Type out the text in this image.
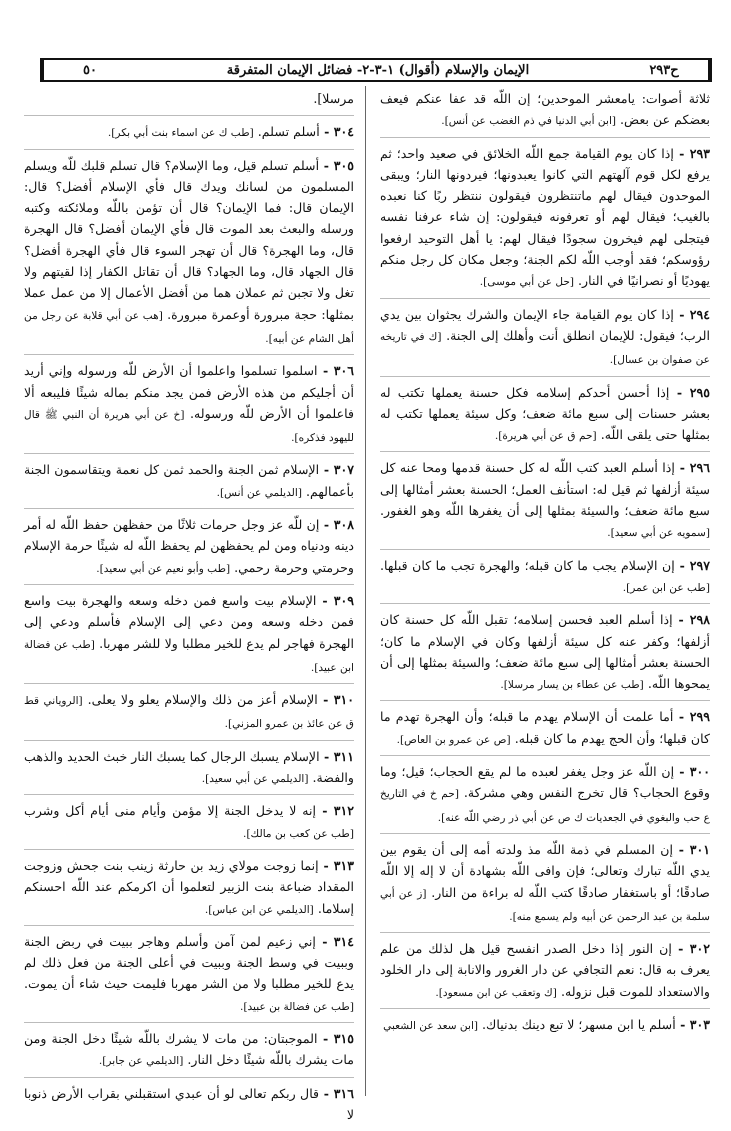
ح٢٩٣
الإيمان والإسلام (أقوال) ١-٣-٢- فضائل الإيمان المتفرقة
٥٠

ثلاثة أصوات: يامعشر الموحدين؛ إن اللّه قد عفا عنكم فيعف بعضكم عن بعض. [ابن أبي الدنيا في ذم الغضب عن أنس].

٢٩٣ - إذا كان يوم القيامة جمع اللّه الخلائق في صعيد واحد؛ ثم يرفع لكل قوم آلهتهم التي كانوا يعبدونها؛ فيردونها النار؛ ويبقى الموحدون فيقال لهم ماتنتظرون فيقولون ننتظر ربًا كنا نعبده بالغيب؛ فيقال لهم أو تعرفونه فيقولون: إن شاء عرفنا نفسه فيتجلى لهم فيخرون سجودًا فيقال لهم: يا أهل التوحيد ارفعوا رؤوسكم؛ فقد أوجب اللّه لكم الجنة؛ وجعل مكان كل رجل منكم يهوديًا أو نصرانيًا في النار. [حل عن أبي موسى].

٢٩٤ - إذا كان يوم القيامة جاء الإيمان والشرك يجثوان بين يدي الرب؛ فيقول: للإيمان انطلق أنت وأهلك إلى الجنة. [ك في تاريخه عن صفوان بن عسال].

٢٩٥ - إذا أحسن أحدكم إسلامه فكل حسنة يعملها تكتب له بعشر حسنات إلى سبع مائة ضعف؛ وكل سيئة يعملها تكتب له بمثلها حتى يلقى اللّه. [حم ق عن أبي هريرة].

٢٩٦ - إذا أسلم العبد كتب اللّه له كل حسنة قدمها ومحا عنه كل سيئة أزلفها ثم قيل له: استأنف العمل؛ الحسنة بعشر أمثالها إلى سبع مائة ضعف؛ والسيئة بمثلها إلى أن يغفرها اللّه وهو الغفور. [سمويه عن أبي سعيد].

٢٩٧ - إن الإسلام يجب ما كان قبله؛ والهجرة تجب ما كان قبلها. [طب عن ابن عمر].

٢٩٨ - إذا أسلم العبد فحسن إسلامه؛ تقبل اللّه كل حسنة كان أزلفها؛ وكفر عنه كل سيئة أزلفها وكان في الإسلام ما كان؛ الحسنة بعشر أمثالها إلى سبع مائة ضعف؛ والسيئة بمثلها إلى أن يمحوها اللّه. [طب عن عطاء بن يسار مرسلا].

٢٩٩ - أما علمت أن الإسلام يهدم ما قبله؛ وأن الهجرة تهدم ما كان قبلها؛ وأن الحج يهدم ما كان قبله. [ص عن عمرو بن العاص].

٣٠٠ - إن اللّه عز وجل يغفر لعبده ما لم يقع الحجاب؛ قيل؛ وما وقوع الحجاب؟ قال تخرج النفس وهي مشركة. [حم خ في التاريخ ع حب والبغوي في الجعديات ك ص عن أبي ذر رضي اللّه عنه].

٣٠١ - إن المسلم في ذمة اللّه مذ ولدته أمه إلى أن يقوم بين يدي اللّه تبارك وتعالى؛ فإن وافى اللّه بشهادة أن لا إله إلا اللّه صادقًا؛ أو باستغفار صادقًا كتب اللّه له براءة من النار. [ز عن أبي سلمة بن عبد الرحمن عن أبيه ولم يسمع منه].

٣٠٢ - إن النور إذا دخل الصدر انفسح قيل هل لذلك من علم يعرف به قال: نعم التجافي عن دار الغرور والانابة إلى دار الخلود والاستعداد للموت قبل نزوله. [ك وتعقب عن ابن مسعود].

٣٠٣ - أسلم يا ابن مسهر؛ لا تبع دينك بدنياك. [ابن سعد عن الشعبي

مرسلا].

٣٠٤ - أسلم تسلم. [طب ك عن اسماء بنت أبي بكر].

٣٠٥ - أسلم تسلم قيل، وما الإسلام؟ قال تسلم قلبك للّه ويسلم المسلمون من لسانك ويدك قال فأي الإسلام أفضل؟ قال: الإيمان قال: فما الإيمان؟ قال أن تؤمن باللّه وملائكته وكتبه ورسله والبعث بعد الموت قال فأي الإيمان أفضل؟ قال الهجرة قال، وما الهجرة؟ قال أن تهجر السوء قال فأي الهجرة أفضل؟ قال الجهاد قال، وما الجهاد؟ قال أن تقاتل الكفار إذا لقيتهم ولا تغل ولا تجبن ثم عملان هما من أفضل الأعمال إلا من عمل عملا بمثلها: حجة مبرورة أوعمرة مبرورة. [هب عن أبي قلابة عن رجل من أهل الشام عن أبيه].

٣٠٦ - اسلموا تسلموا واعلموا أن الأرض للّه ورسوله وإني أريد أن أجليكم من هذه الأرض فمن يجد منكم بماله شيئًا فليبعه ألا فاعلموا أن الأرض للّه ورسوله. [خ عن أبي هريرة أن النبي ﷺ قال لليهود فذكره].

٣٠٧ - الإسلام ثمن الجنة والحمد ثمن كل نعمة ويتقاسمون الجنة بأعمالهم. [الديلمي عن أنس].

٣٠٨ - إن للّه عز وجل حرمات ثلاثًا من حفظهن حفظ اللّه له أمر دينه ودنياه ومن لم يحفظهن لم يحفظ اللّه له شيئًا حرمة الإسلام وحرمتي وحرمة رحمي. [طب وأبو نعيم عن أبي سعيد].

٣٠٩ - الإسلام بيت واسع فمن دخله وسعه والهجرة بيت واسع فمن دخله وسعه ومن دعي إلى الإسلام فأسلم ودعي إلى الهجرة فهاجر لم يدع للخير مطلبا ولا للشر مهربا. [طب عن فضالة ابن عبيد].

٣١٠ - الإسلام أعز من ذلك والإسلام يعلو ولا يعلى. [الروياني قط ق عن عائذ بن عمرو المزني].

٣١١ - الإسلام يسبك الرجال كما يسبك النار خبث الحديد والذهب والفضة. [الديلمي عن أبي سعيد].

٣١٢ - إنه لا يدخل الجنة إلا مؤمن وأيام منى أيام أكل وشرب [طب عن كعب بن مالك].

٣١٣ - إنما زوجت مولاي زيد بن حارثة زينب بنت جحش وزوجت المقداد ضباعة بنت الزبير لتعلموا أن اكرمكم عند اللّه احسنكم إسلاما. [الديلمي عن ابن عباس].

٣١٤ - إني زعيم لمن آمن وأسلم وهاجر ببيت في ربض الجنة وببيت في وسط الجنة وببيت في أعلى الجنة من فعل ذلك لم يدع للخير مطلبا ولا من الشر مهربا فليمت حيث شاء أن يموت. [طب عن فضالة بن عبيد].

٣١٥ - الموجبتان: من مات لا يشرك باللّه شيئًا دخل الجنة ومن مات يشرك باللّه شيئًا دخل النار. [الديلمي عن جابر].

٣١٦ - قال ربكم تعالى لو أن عبدي استقبلني بقراب الأرض ذنوبا لا
